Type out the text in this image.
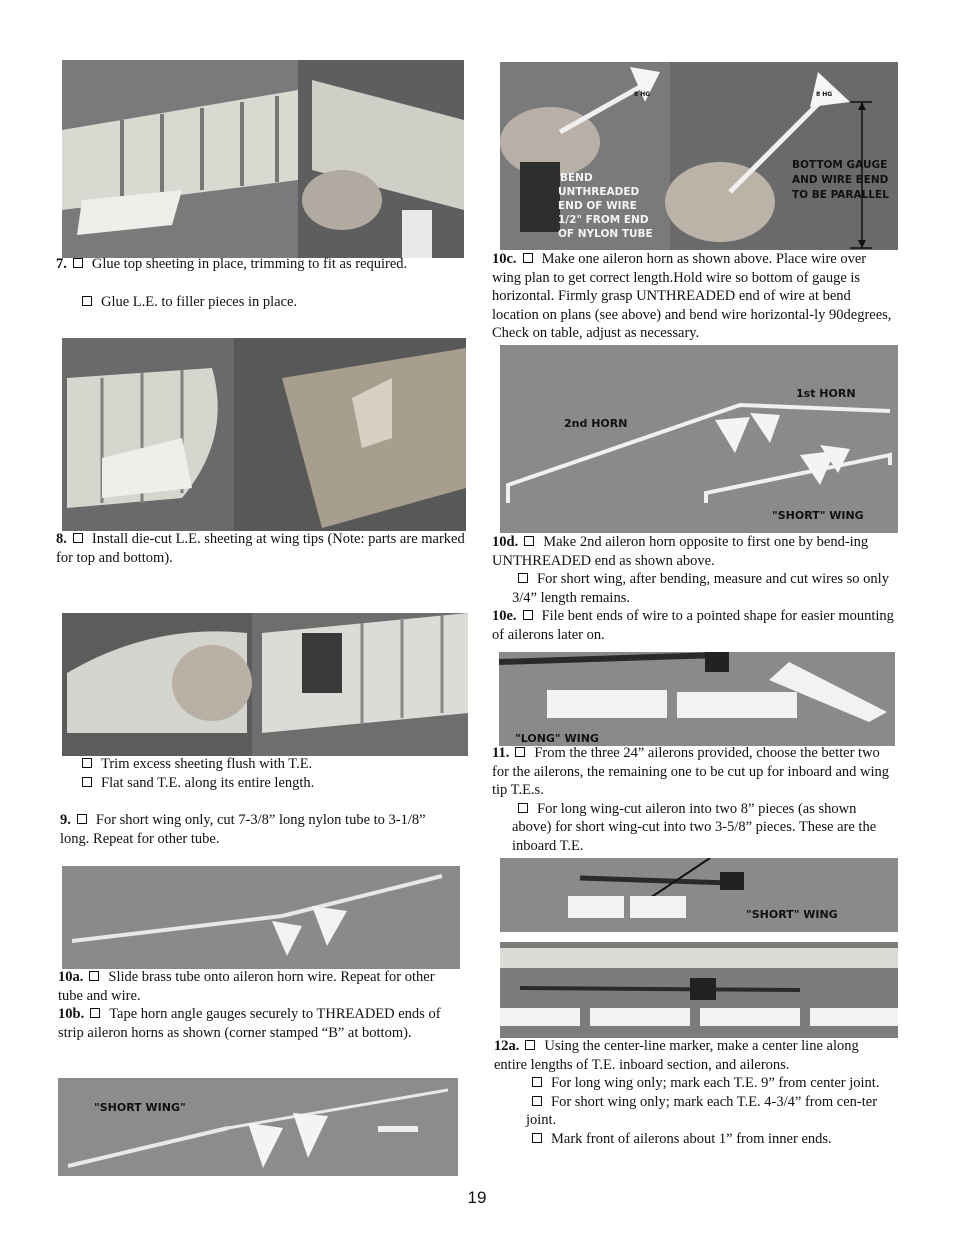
"SHORT WING"
8 HG
BEND UNTHREADED END OF WIRE 1/2" FROM END OF NYLON TUBE
8 HG
BOTTOM GAUGE AND WIRE BEND TO BE PARALLEL
1st HORN
2nd HORN
"SHORT" WING
"LONG" WING
"SHORT" WING

7. Glue top sheeting in place, trimming to fit as required.

Glue L.E. to filler pieces in place.

8. Install die-cut L.E. sheeting at wing tips (Note: parts are marked for top and bottom).

Trim excess sheeting flush with T.E.

Flat sand T.E. along its entire length.

9. For short wing only, cut 7-3/8” long nylon tube to 3-1/8” long. Repeat for other tube.

10a. Slide brass tube onto aileron horn wire. Repeat for other tube and wire.

10b. Tape horn angle gauges securely to THREADED ends of strip aileron horns as shown (corner stamped “B” at bottom).

10c. Make one aileron horn as shown above. Place wire over wing plan to get correct length.Hold wire so bottom of gauge is horizontal. Firmly grasp UNTHREADED end of wire at bend location on plans (see above) and bend wire horizontal-ly 90degrees, Check on table, adjust as necessary.

10d. Make 2nd aileron horn opposite to first one by bend-ing UNTHREADED end as shown above.

For short wing, after bending, measure and cut wires so only 3/4” length remains.

10e. File bent ends of wire to a pointed shape for easier mounting of ailerons later on.

11. From the three 24” ailerons provided, choose the better two for the ailerons, the remaining one to be cut up for inboard and wing tip T.E.s.

For long wing-cut aileron into two 8” pieces (as shown above) for short wing-cut into two 3-5/8” pieces. These are the inboard T.E.

12a. Using the center-line marker, make a center line along entire lengths of T.E. inboard section, and ailerons.

For long wing only; mark each T.E. 9” from center joint.

For short wing only; mark each T.E. 4-3/4” from cen-ter joint.

Mark front of ailerons about 1” from inner ends.

19
